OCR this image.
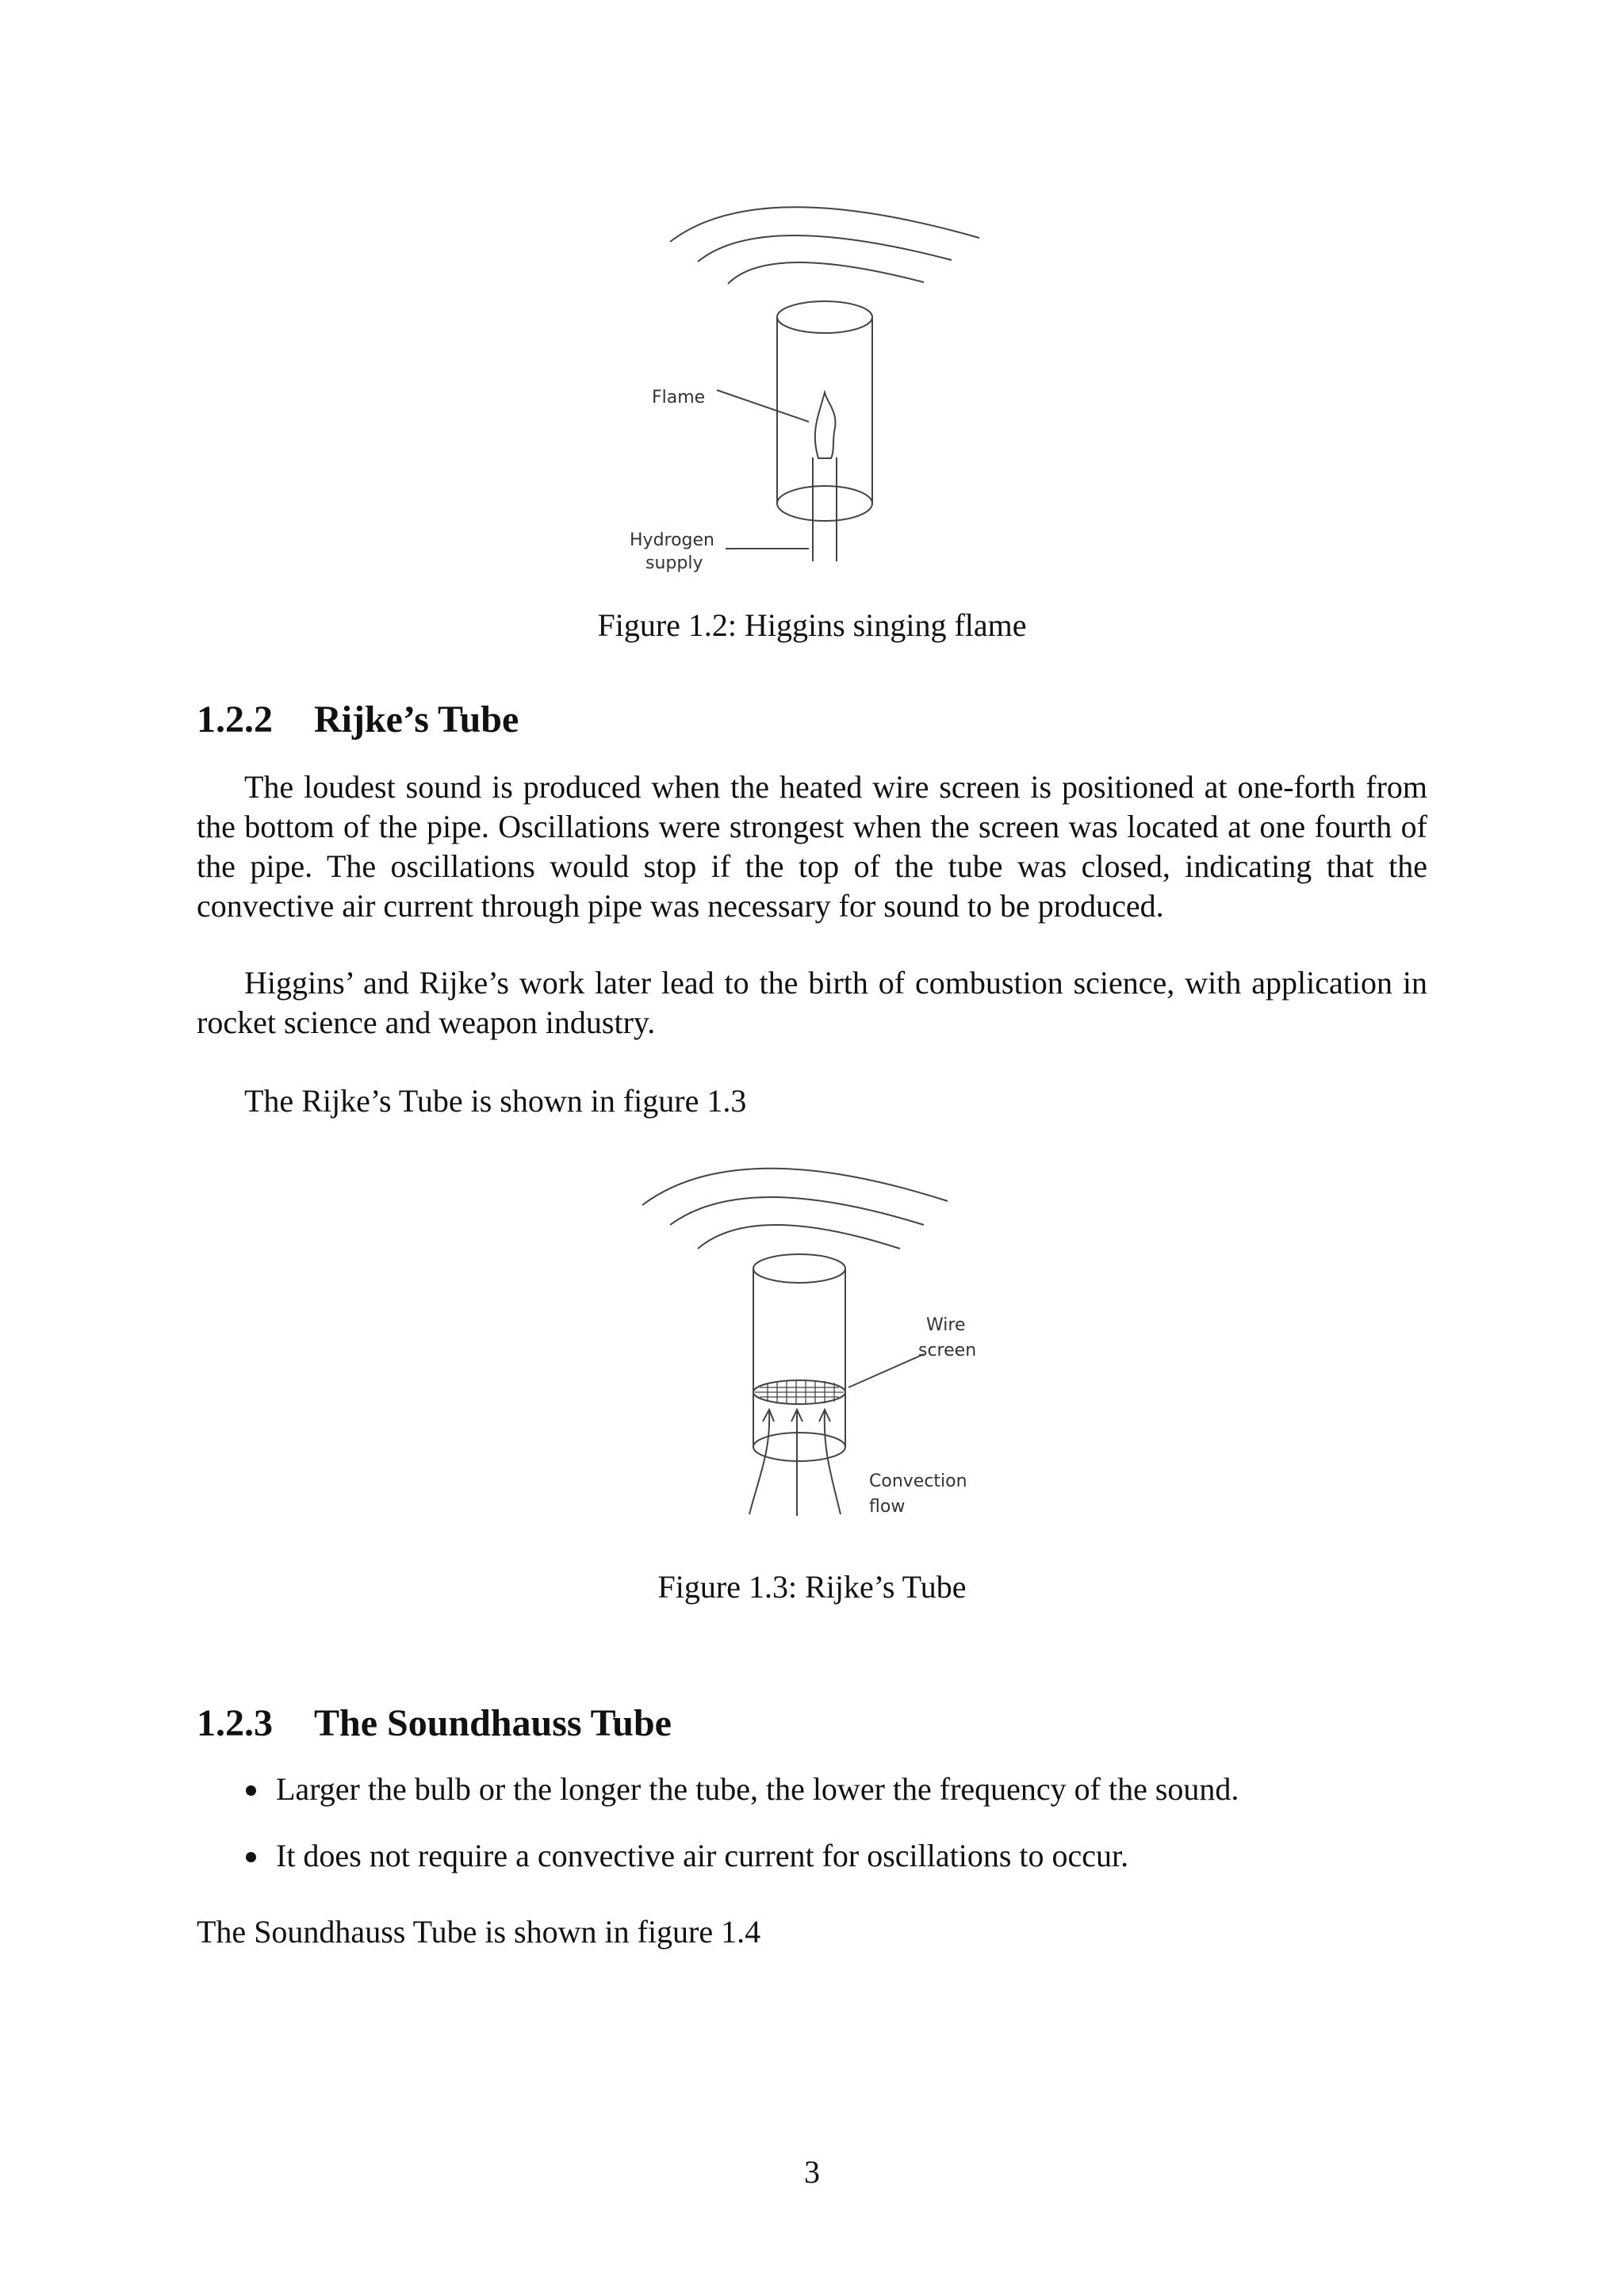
Flame
Hydrogen
supply
Figure 1.2: Higgins singing flame
1.2.2 Rijke’s Tube

The loudest sound is produced when the heated wire screen is positioned at one-forth from the bottom of the pipe. Oscillations were strongest when the screen was located at one fourth of the pipe. The oscillations would stop if the top of the tube was closed, indicating that the convective air current through pipe was necessary for sound to be produced.

Higgins’ and Rijke’s work later lead to the birth of combustion science, with application in rocket science and weapon industry.

The Rijke’s Tube is shown in figure 1.3

Wire
screen
Convection
flow
Figure 1.3: Rijke’s Tube
1.2.3 The Soundhauss Tube
Larger the bulb or the longer the tube, the lower the frequency of the sound.
It does not require a convective air current for oscillations to occur.

The Soundhauss Tube is shown in figure 1.4

3
